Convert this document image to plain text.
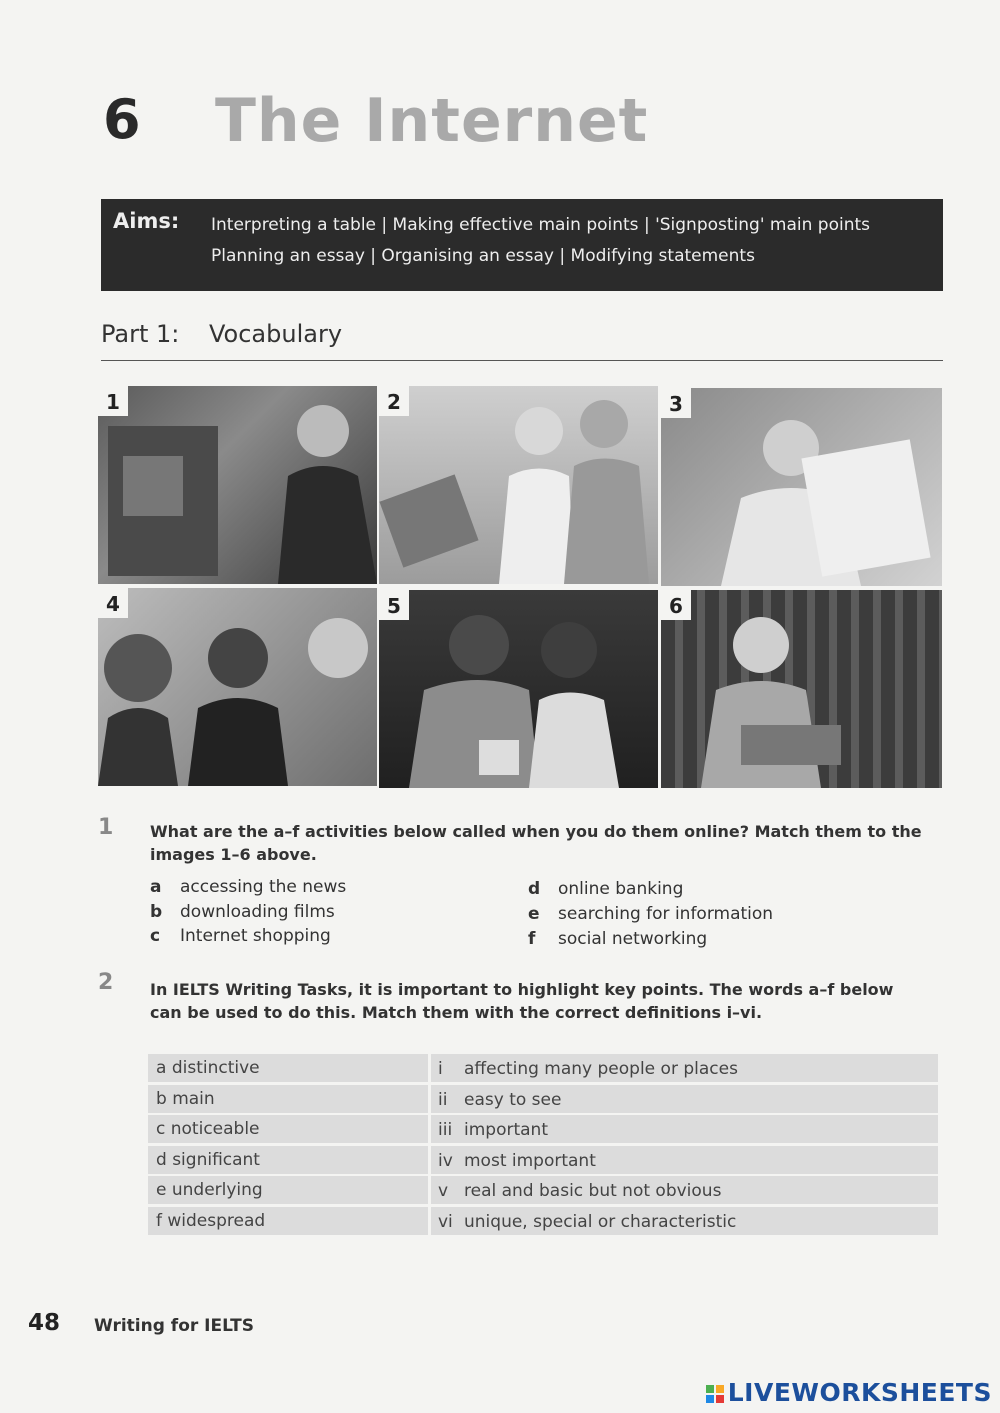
6 The Internet
Aims: Interpreting a table | Making effective main points | 'Signposting' main points
Planning an essay | Organising an essay | Modifying statements
Part 1: Vocabulary
1	2	3
4	5	6
1 What are the a–f activities below called when you do them online? Match them to the images 1–6 above.
a accessing the news
b downloading films
c Internet shopping
d online banking
e searching for information
f social networking
2 In IELTS Writing Tasks, it is important to highlight key points. The words a–f below can be used to do this. Match them with the correct definitions i–vi.
a distinctive	i affecting many people or places
b main	ii easy to see
c noticeable	iii important
d significant	iv most important
e underlying	v real and basic but not obvious
f widespread	vi unique, special or characteristic
48 Writing for IELTS
LIVEWORKSHEETS
